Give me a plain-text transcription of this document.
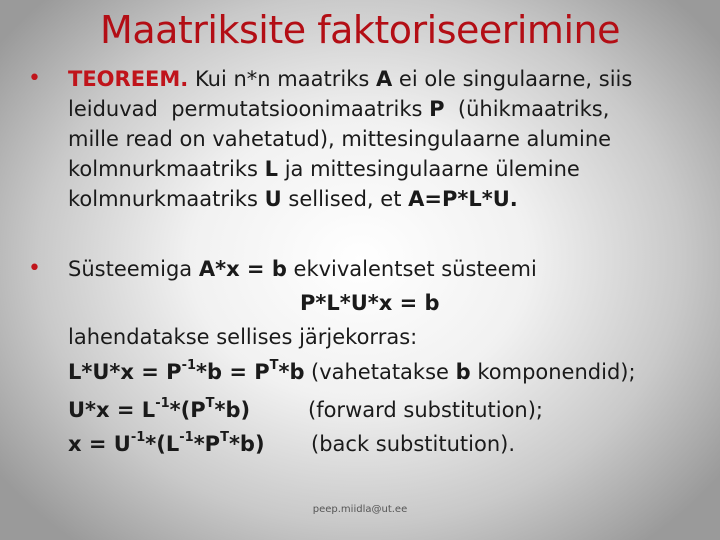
Maatriksite faktoriseerimine
• TEOREEM. Kui n*n maatriks A ei ole singulaarne, siis
leiduvad  permutatsioonimaatriks P  (ühikmaatriks,
mille read on vahetatud), mittesingulaarne alumine
kolmnurkmaatriks L ja mittesingulaarne ülemine
kolmnurkmaatriks U sellised, et A=P*L*U.
• Süsteemiga A*x = b ekvivalentset süsteemi
P*L*U*x = b
lahendatakse sellises järjekorras:
$L*U*x = P^{-1}*b = P^T*b$ (vahetatakse b komponendid);
$U*x = L^{-1}*(P^T*b)$	(forward substitution);
$x = U^{-1}*(L^{-1}*P^T*b)$ (back substitution).
peep.miidla@ut.ee
